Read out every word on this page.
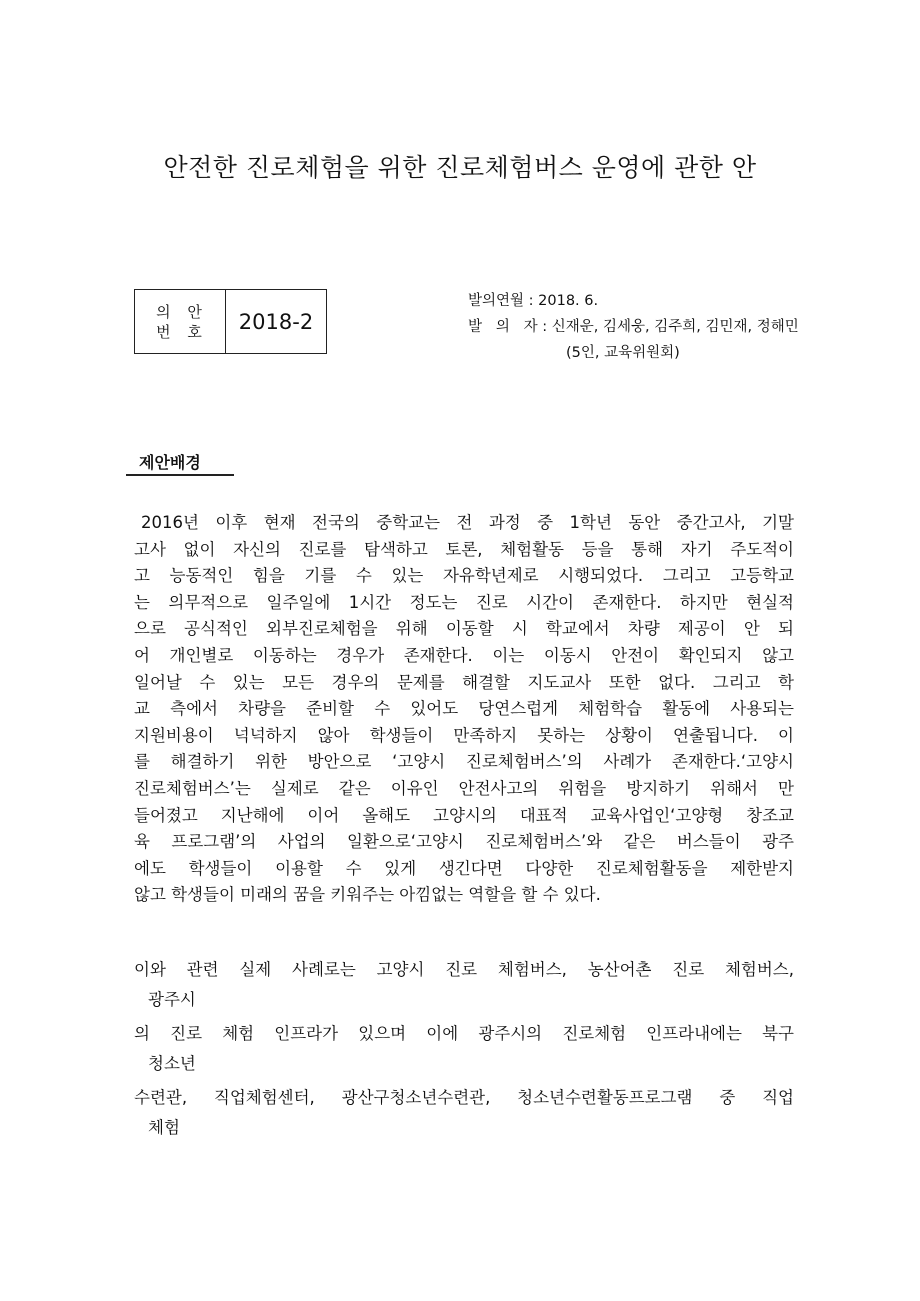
안전한 진로체험을 위한 진로체험버스 운영에 관한 안
의 안
번 호	2018-2
발의연월 : 2018. 6.
발   의   자 : 신재운, 김세웅, 김주희, 김민재, 정해민
(5인, 교육위원회)
제안배경
2016년 이후 현재 전국의 중학교는 전 과정 중 1학년 동안 중간고사, 기말
고사 없이 자신의 진로를 탐색하고 토론, 체험활동 등을 통해 자기 주도적이
고 능동적인 힘을 기를 수 있는 자유학년제로 시행되었다. 그리고 고등학교
는 의무적으로 일주일에 1시간 정도는 진로 시간이 존재한다. 하지만 현실적
으로 공식적인 외부진로체험을 위해 이동할 시 학교에서 차량 제공이 안 되
어 개인별로 이동하는 경우가 존재한다. 이는 이동시 안전이 확인되지 않고
일어날 수 있는 모든 경우의 문제를 해결할 지도교사 또한 없다. 그리고 학
교 측에서 차량을 준비할 수 있어도 당연스럽게 체험학습 활동에 사용되는
지원비용이 넉넉하지 않아 학생들이 만족하지 못하는 상황이 연출됩니다. 이
를 해결하기 위한 방안으로 ‘고양시 진로체험버스’의 사례가 존재한다.‘고양시
진로체험버스’는 실제로 같은 이유인 안전사고의 위험을 방지하기 위해서 만
들어졌고 지난해에 이어 올해도 고양시의 대표적 교육사업인‘고양형 창조교
육 프로그램’의 사업의 일환으로‘고양시 진로체험버스’와 같은 버스들이 광주
에도 학생들이 이용할 수 있게 생긴다면 다양한 진로체험활동을 제한받지
않고 학생들이 미래의 꿈을 키워주는 아낌없는 역할을 할 수 있다.
이와 관련 실제 사례로는 고양시 진로 체험버스, 농산어촌 진로 체험버스,
광주시
의 진로 체험 인프라가 있으며 이에 광주시의 진로체험 인프라내에는 북구
청소년
수련관, 직업체험센터, 광산구청소년수련관, 청소년수련활동프로그램 중 직업
체험
